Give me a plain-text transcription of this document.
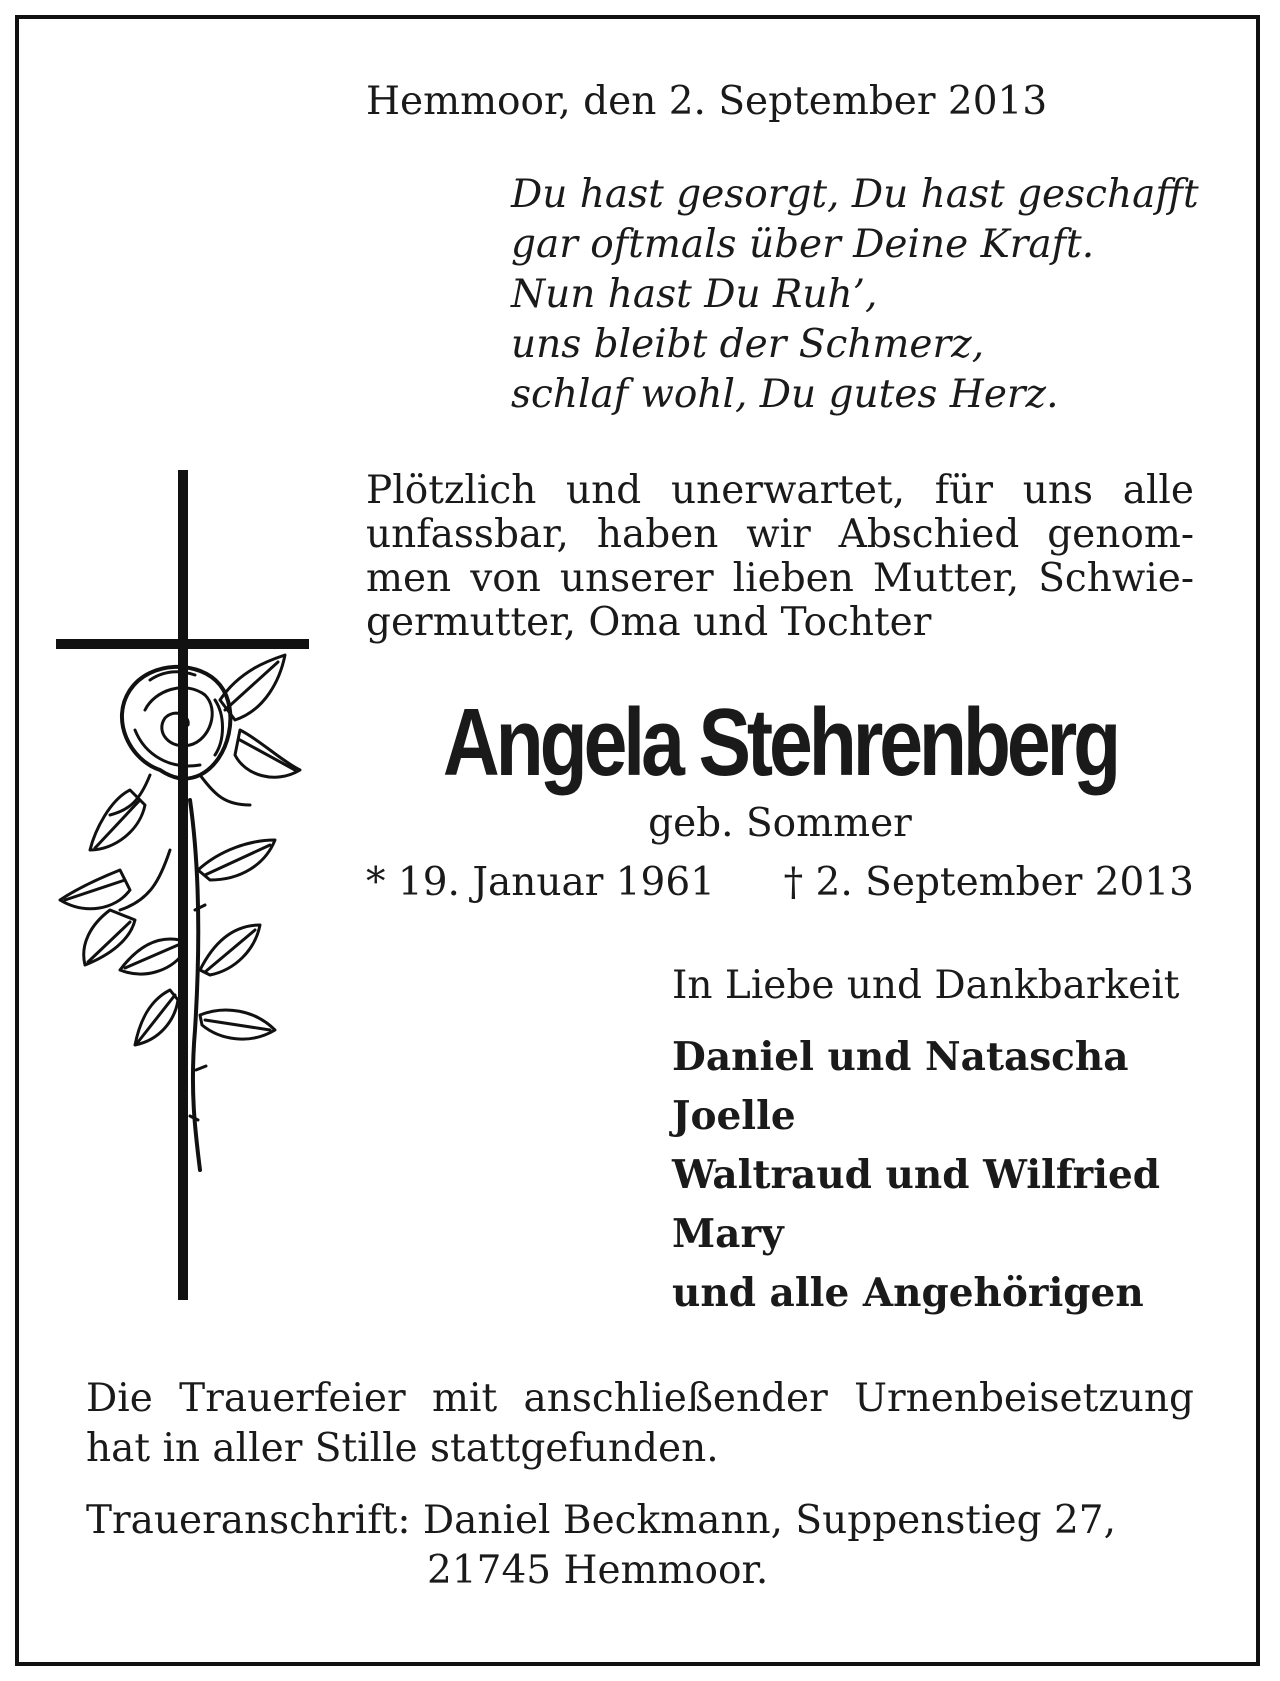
Hemmoor, den 2. September 2013
Du hast gesorgt, Du hast geschafft
gar oftmals über Deine Kraft.
Nun hast Du Ruh’,
uns bleibt der Schmerz,
schlaf wohl, Du gutes Herz.
Plötzlich und unerwartet, für uns alle
unfassbar, haben wir Abschied genom-
men von unserer lieben Mutter, Schwie-
germutter, Oma und Tochter
Angela Stehrenberg
geb. Sommer
* 19. Januar 1961 † 2. September 2013
In Liebe und Dankbarkeit
Daniel und Natascha
Joelle
Waltraud und Wilfried
Mary
und alle Angehörigen
Die Trauerfeier mit anschließender Urnenbeisetzung
hat in aller Stille stattgefunden.
Traueranschrift: Daniel Beckmann, Suppenstieg 27,
21745 Hemmoor.
